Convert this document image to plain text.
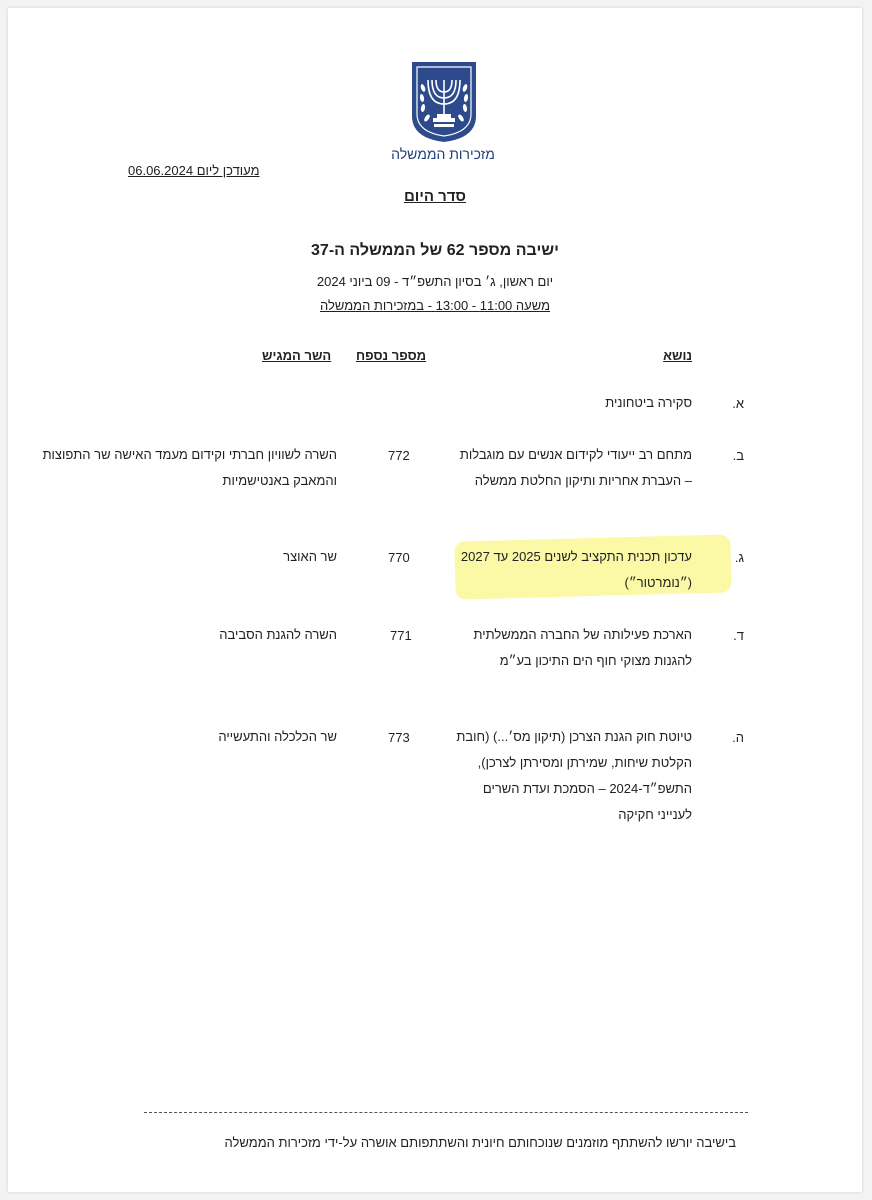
מזכירות הממשלה
מעודכן ליום 06.06.2024
סדר היום
ישיבה מספר 62 של הממשלה ה-37
יום ראשון, ג׳ בסיון התשפ״ד - 09 ביוני 2024
משעה 11:00 - 13:00 - במזכירות הממשלה
נושא
מספר נספח
השר המגיש
א.
סקירה ביטחונית
ב.
מתחם רב ייעודי לקידום אנשים עם מוגבלות – העברת אחריות ותיקון החלטת ממשלה
772
השרה לשוויון חברתי וקידום מעמד האישה שר התפוצות והמאבק באנטישמיות
ג.
עדכון תכנית התקציב לשנים 2025 עד 2027 (״נומרטור״)
770
שר האוצר
ד.
הארכת פעילותה של החברה הממשלתית להגנות מצוקי חוף הים התיכון בע״מ
771
השרה להגנת הסביבה
ה.
טיוטת חוק הגנת הצרכן (תיקון מס׳...) (חובת הקלטת שיחות, שמירתן ומסירתן לצרכן), התשפ״ד-2024 – הסמכת ועדת השרים לענייני חקיקה
773
שר הכלכלה והתעשייה
בישיבה יורשו להשתתף מוזמנים שנוכחותם חיונית והשתתפותם אושרה על-ידי מזכירות הממשלה
